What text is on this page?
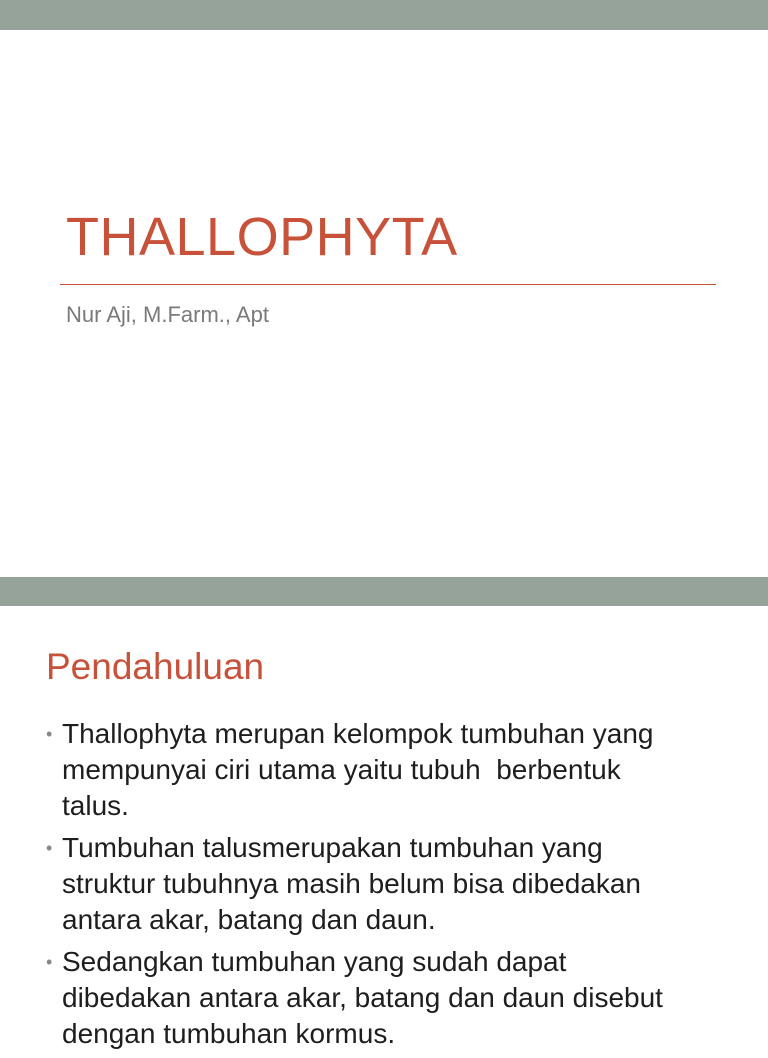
THALLOPHYTA
Nur Aji, M.Farm., Apt
Pendahuluan
• Thallophyta merupan kelompok tumbuhan yang
mempunyai ciri utama yaitu tubuh  berbentuk
talus.
• Tumbuhan talusmerupakan tumbuhan yang
struktur tubuhnya masih belum bisa dibedakan
antara akar, batang dan daun.
• Sedangkan tumbuhan yang sudah dapat
dibedakan antara akar, batang dan daun disebut
dengan tumbuhan kormus.
